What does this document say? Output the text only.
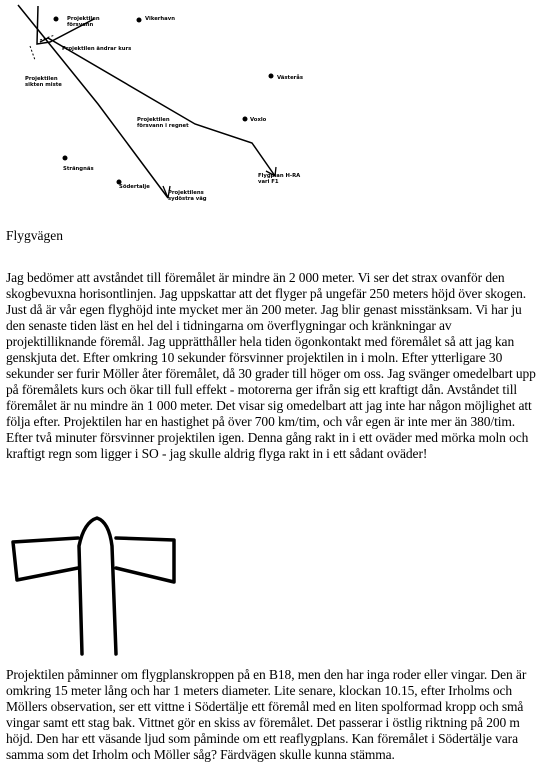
Projektilen försvann
Vikerhavn
Projektilen ändrar kurs
Projektilen sikten miste
Västerås
Voxlo
Projektilen försvann i regnet
Flygplan H-RA vari F1
Strängnäs
Södertalje
Projektilens sydöstra väg

Flygvägen

Jag bedömer att avståndet till föremålet är mindre än 2 000 meter. Vi ser det strax ovanför den skogbevuxna horisontlinjen. Jag uppskattar att det flyger på ungefär 250 meters höjd över skogen. Just då är vår egen flyghöjd inte mycket mer än 200 meter. Jag blir genast misstänksam. Vi har ju den senaste tiden läst en hel del i tidningarna om överflygningar och kränkningar av projektilliknande föremål. Jag upprätthåller hela tiden ögonkontakt med föremålet så att jag kan genskjuta det. Efter omkring 10 sekunder försvinner projektilen in i moln. Efter ytterligare 30 sekunder ser furir Möller åter föremålet, då 30 grader till höger om oss. Jag svänger omedelbart upp på föremålets kurs och ökar till full effekt - motorerna ger ifrån sig ett kraftigt dån. Avståndet till föremålet är nu mindre än 1 000 meter. Det visar sig omedelbart att jag inte har någon möjlighet att följa efter. Projektilen har en hastighet på över 700 km/tim, och vår egen är inte mer än 380/tim. Efter två minuter försvinner projektilen igen. Denna gång rakt in i ett oväder med mörka moln och kraftigt regn som ligger i SO - jag skulle aldrig flyga rakt in i ett sådant oväder!

Projektilen påminner om flygplanskroppen på en B18, men den har inga roder eller vingar. Den är omkring 15 meter lång och har 1 meters diameter. Lite senare, klockan 10.15, efter Irholms och Möllers observation, ser ett vittne i Södertälje ett föremål med en liten spolformad kropp och små vingar samt ett stag bak. Vittnet gör en skiss av föremålet. Det passerar i östlig riktning på 200 m höjd. Den har ett väsande ljud som påminde om ett reaflygplans. Kan föremålet i Södertälje vara samma som det Irholm och Möller såg? Färdvägen skulle kunna stämma.
